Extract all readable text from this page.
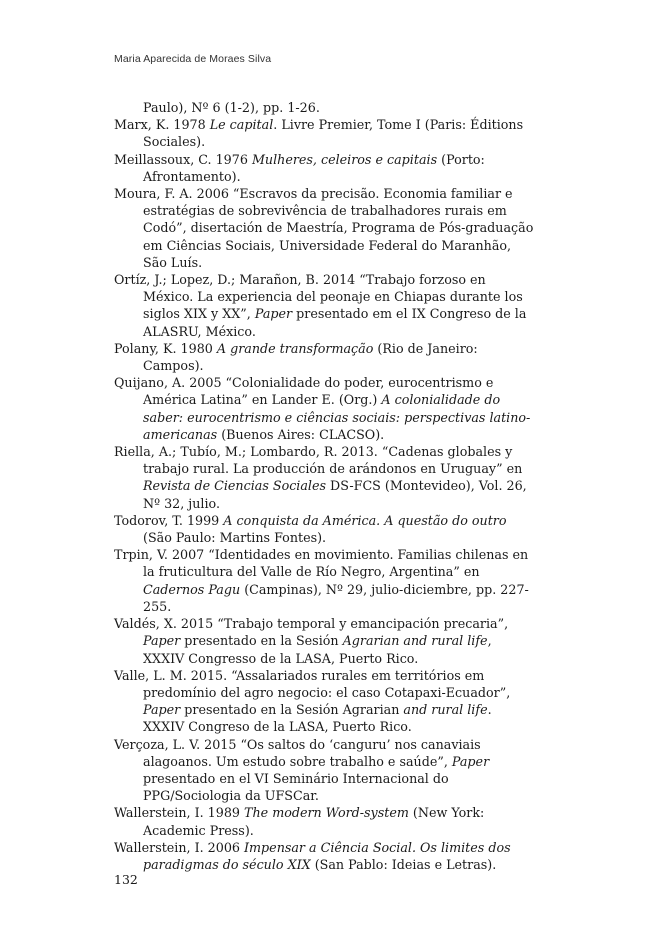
Maria Aparecida de Moraes Silva
Paulo), Nº 6 (1-2), pp. 1-26.
Marx, K. 1978 Le capital. Livre Premier, Tome I (Paris: Éditions Sociales).
Meillassoux, C. 1976 Mulheres, celeiros e capitais (Porto: Afrontamento).
Moura, F. A. 2006 “Escravos da precisão. Economia familiar e estratégias de sobrevivência de trabalhadores rurais em Codó”, disertación de Maestría, Programa de Pós-graduação em Ciências Sociais, Universidade Federal do Maranhão, São Luís.
Ortíz, J.; Lopez, D.; Marañon, B. 2014 “Trabajo forzoso en México. La experiencia del peonaje en Chiapas durante los siglos XIX y XX”, Paper presentado em el IX Congreso de la ALASRU, México.
Polany, K. 1980 A grande transformação (Rio de Janeiro: Campos).
Quijano, A. 2005 “Colonialidade do poder, eurocentrismo e América Latina” en Lander E. (Org.) A colonialidade do saber: eurocentrismo e ciências sociais: perspectivas latino-americanas (Buenos Aires: CLACSO).
Riella, A.; Tubío, M.; Lombardo, R. 2013. “Cadenas globales y trabajo rural. La producción de arándonos en Uruguay” en Revista de Ciencias Sociales DS-FCS (Montevideo), Vol. 26, Nº 32, julio.
Todorov, T. 1999 A conquista da América. A questão do outro (São Paulo: Martins Fontes).
Trpin, V. 2007 “Identidades en movimiento. Familias chilenas en la fruticultura del Valle de Río Negro, Argentina” en Cadernos Pagu (Campinas), Nº 29, julio-diciembre, pp. 227-255.
Valdés, X. 2015 “Trabajo temporal y emancipación precaria”, Paper presentado en la Sesión Agrarian and rural life, XXXIV Congresso de la LASA, Puerto Rico.
Valle, L. M. 2015. “Assalariados rurales em territórios em predomínio del agro negocio: el caso Cotapaxi-Ecuador”, Paper presentado en la Sesión Agrarian and rural life. XXXIV Congreso de la LASA, Puerto Rico.
Verçoza, L. V. 2015 “Os saltos do ‘canguru’ nos canaviais alagoanos. Um estudo sobre trabalho e saúde”, Paper presentado en el VI Seminário Internacional do PPG/Sociologia da UFSCar.
Wallerstein, I. 1989 The modern Word-system (New York: Academic Press).
Wallerstein, I. 2006 Impensar a Ciência Social. Os limites dos paradigmas do século XIX (San Pablo: Ideias e Letras).
132
